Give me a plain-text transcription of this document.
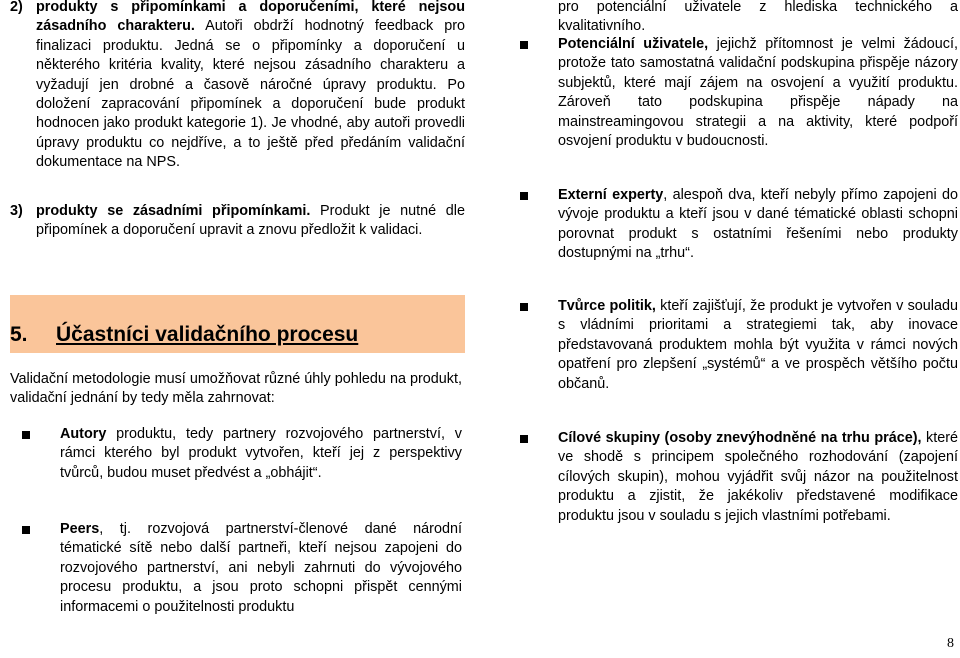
2) produkty s připomínkami a doporučeními, které nejsou zásadního charakteru. Autoři obdrží hodnotný feedback pro finalizaci produktu. Jedná se o připomínky a doporučení u některého kritéria kvality, které nejsou zásadního charakteru a vyžadují jen drobné a časově náročné úpravy produktu. Po doložení zapracování připomínek a doporučení bude produkt hodnocen jako produkt kategorie 1). Je vhodné, aby autoři provedli úpravy produktu co nejdříve, a to ještě před předáním validační dokumentace na NPS.
3) produkty se zásadními připomínkami. Produkt je nutné dle připomínek a doporučení upravit a znovu předložit k validaci.
5. Účastníci validačního procesu

Validační metodologie musí umožňovat různé úhly pohledu na produkt, validační jednání by tedy měla zahrnovat:

Autory produktu, tedy partnery rozvojového partnerství, v rámci kterého byl produkt vytvořen, kteří jej z perspektivy tvůrců, budou muset předvést a „obhájit“.
Peers, tj. rozvojová partnerství-členové dané národní tématické sítě nebo další partneři, kteří nejsou zapojeni do rozvojového partnerství, ani nebyli zahrnuti do vývojového procesu produktu, a jsou proto schopni přispět cennými informacemi o použitelnosti produktu

pro potenciální uživatele z hlediska technického a kvalitativního.

Potenciální uživatele, jejichž přítomnost je velmi žádoucí, protože tato samostatná validační podskupina přispěje názory subjektů, které mají zájem na osvojení a využití produktu. Zároveň tato podskupina přispěje nápady na mainstreamingovou strategii a na aktivity, které podpoří osvojení produktu v budoucnosti.
Externí experty, alespoň dva, kteří nebyly přímo zapojeni do vývoje produktu a kteří jsou v dané tématické oblasti schopni porovnat produkt s ostatními řešeními nebo produkty dostupnými na „trhu“.
Tvůrce politik, kteří zajišťují, že produkt je vytvořen v souladu s vládními prioritami a strategiemi tak, aby inovace představovaná produktem mohla být využita v rámci nových opatření pro zlepšení „systémů“ a ve prospěch většího počtu občanů.
Cílové skupiny (osoby znevýhodněné na trhu práce), které ve shodě s principem společného rozhodování (zapojení cílových skupin), mohou vyjádřit svůj názor na použitelnost produktu a zjistit, že jakékoliv představené modifikace produktu jsou v souladu s jejich vlastními potřebami.
8
